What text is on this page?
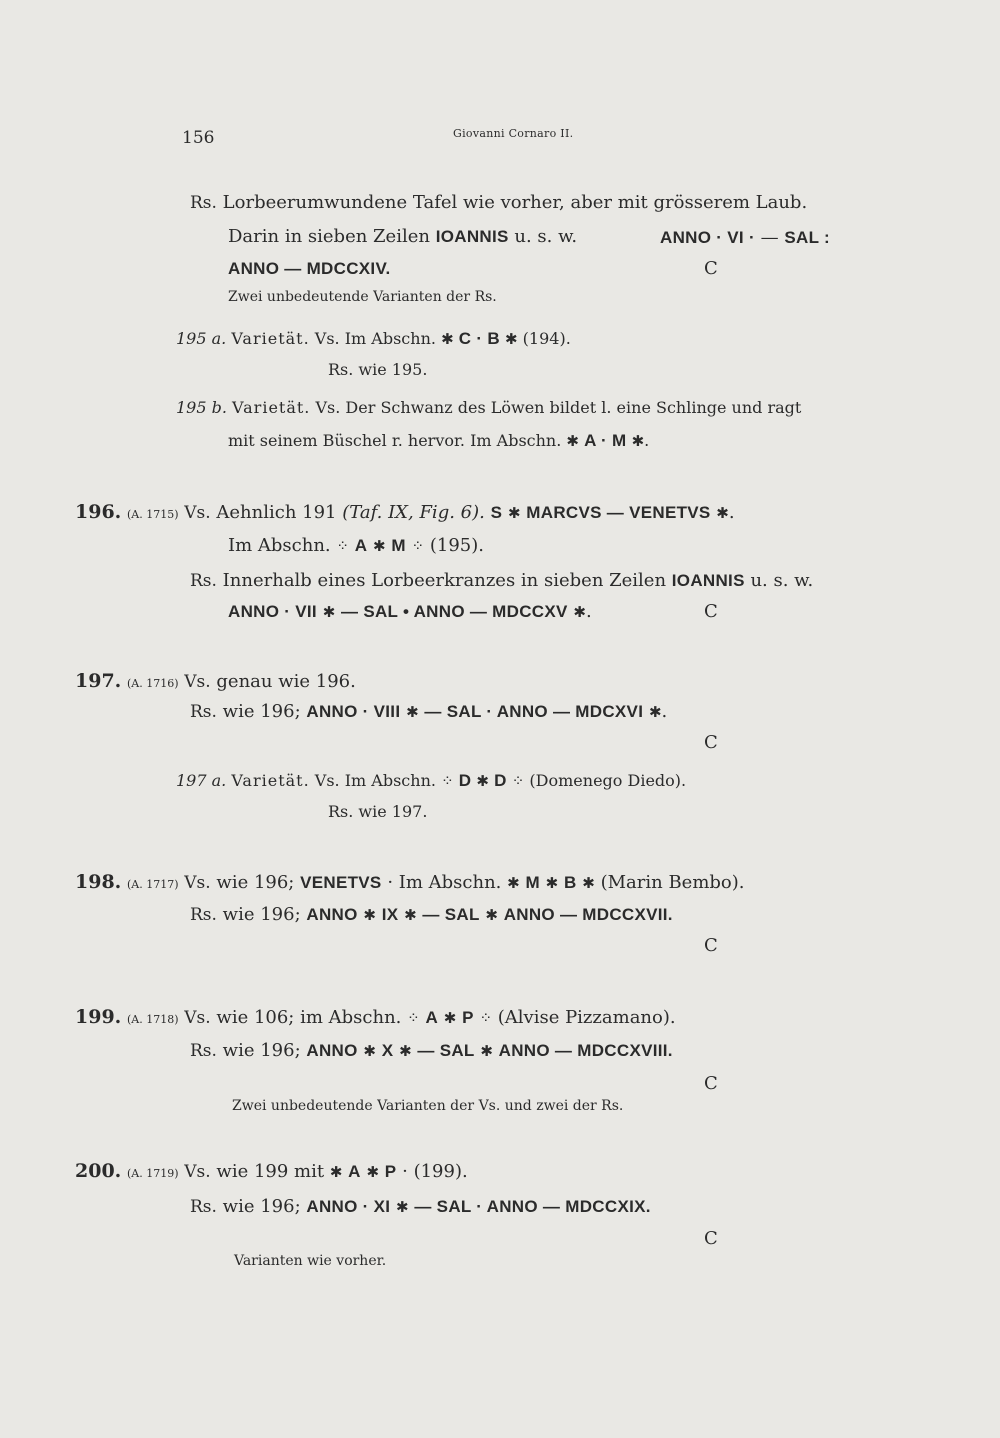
156	Giovanni Cornaro II.
Rs. Lorbeerumwundene Tafel wie vorher, aber mit grösserem Laub.
Darin in sieben Zeilen IOANNIS u. s. w.	ANNO · VI · — SAL :
ANNO — MDCCXIV.	C
Zwei unbedeutende Varianten der Rs.
195 a. Varietät. Vs. Im Abschn. ✱ C · B ✱ (194).
Rs. wie 195.
195 b. Varietät. Vs. Der Schwanz des Löwen bildet l. eine Schlinge und ragt
mit seinem Büschel r. hervor. Im Abschn. ✱ A · M ✱.
196. (A. 1715) Vs. Aehnlich 191 (Taf. IX, Fig. 6). S ✱ MARCVS — VENETVS ✱.
Im Abschn. ⁘ A ✱ M ⁘ (195).
Rs. Innerhalb eines Lorbeerkranzes in sieben Zeilen IOANNIS u. s. w.
ANNO · VII ✱ — SAL • ANNO — MDCCXV ✱.	C
197. (A. 1716) Vs. genau wie 196.
Rs. wie 196; ANNO · VIII ✱ — SAL · ANNO — MDCXVI ✱.
C
197 a. Varietät. Vs. Im Abschn. ⁘ D ✱ D ⁘ (Domenego Diedo).
Rs. wie 197.
198. (A. 1717) Vs. wie 196; VENETVS · Im Abschn. ✱ M ✱ B ✱ (Marin Bembo).
Rs. wie 196; ANNO ✱ IX ✱ — SAL ✱ ANNO — MDCCXVII.
C
199. (A. 1718) Vs. wie 106; im Abschn. ⁘ A ✱ P ⁘ (Alvise Pizzamano).
Rs. wie 196; ANNO ✱ X ✱ — SAL ✱ ANNO — MDCCXVIII.
C
Zwei unbedeutende Varianten der Vs. und zwei der Rs.
200. (A. 1719) Vs. wie 199 mit ✱ A ✱ P · (199).
Rs. wie 196; ANNO · XI ✱ — SAL · ANNO — MDCCXIX.
C
Varianten wie vorher.
